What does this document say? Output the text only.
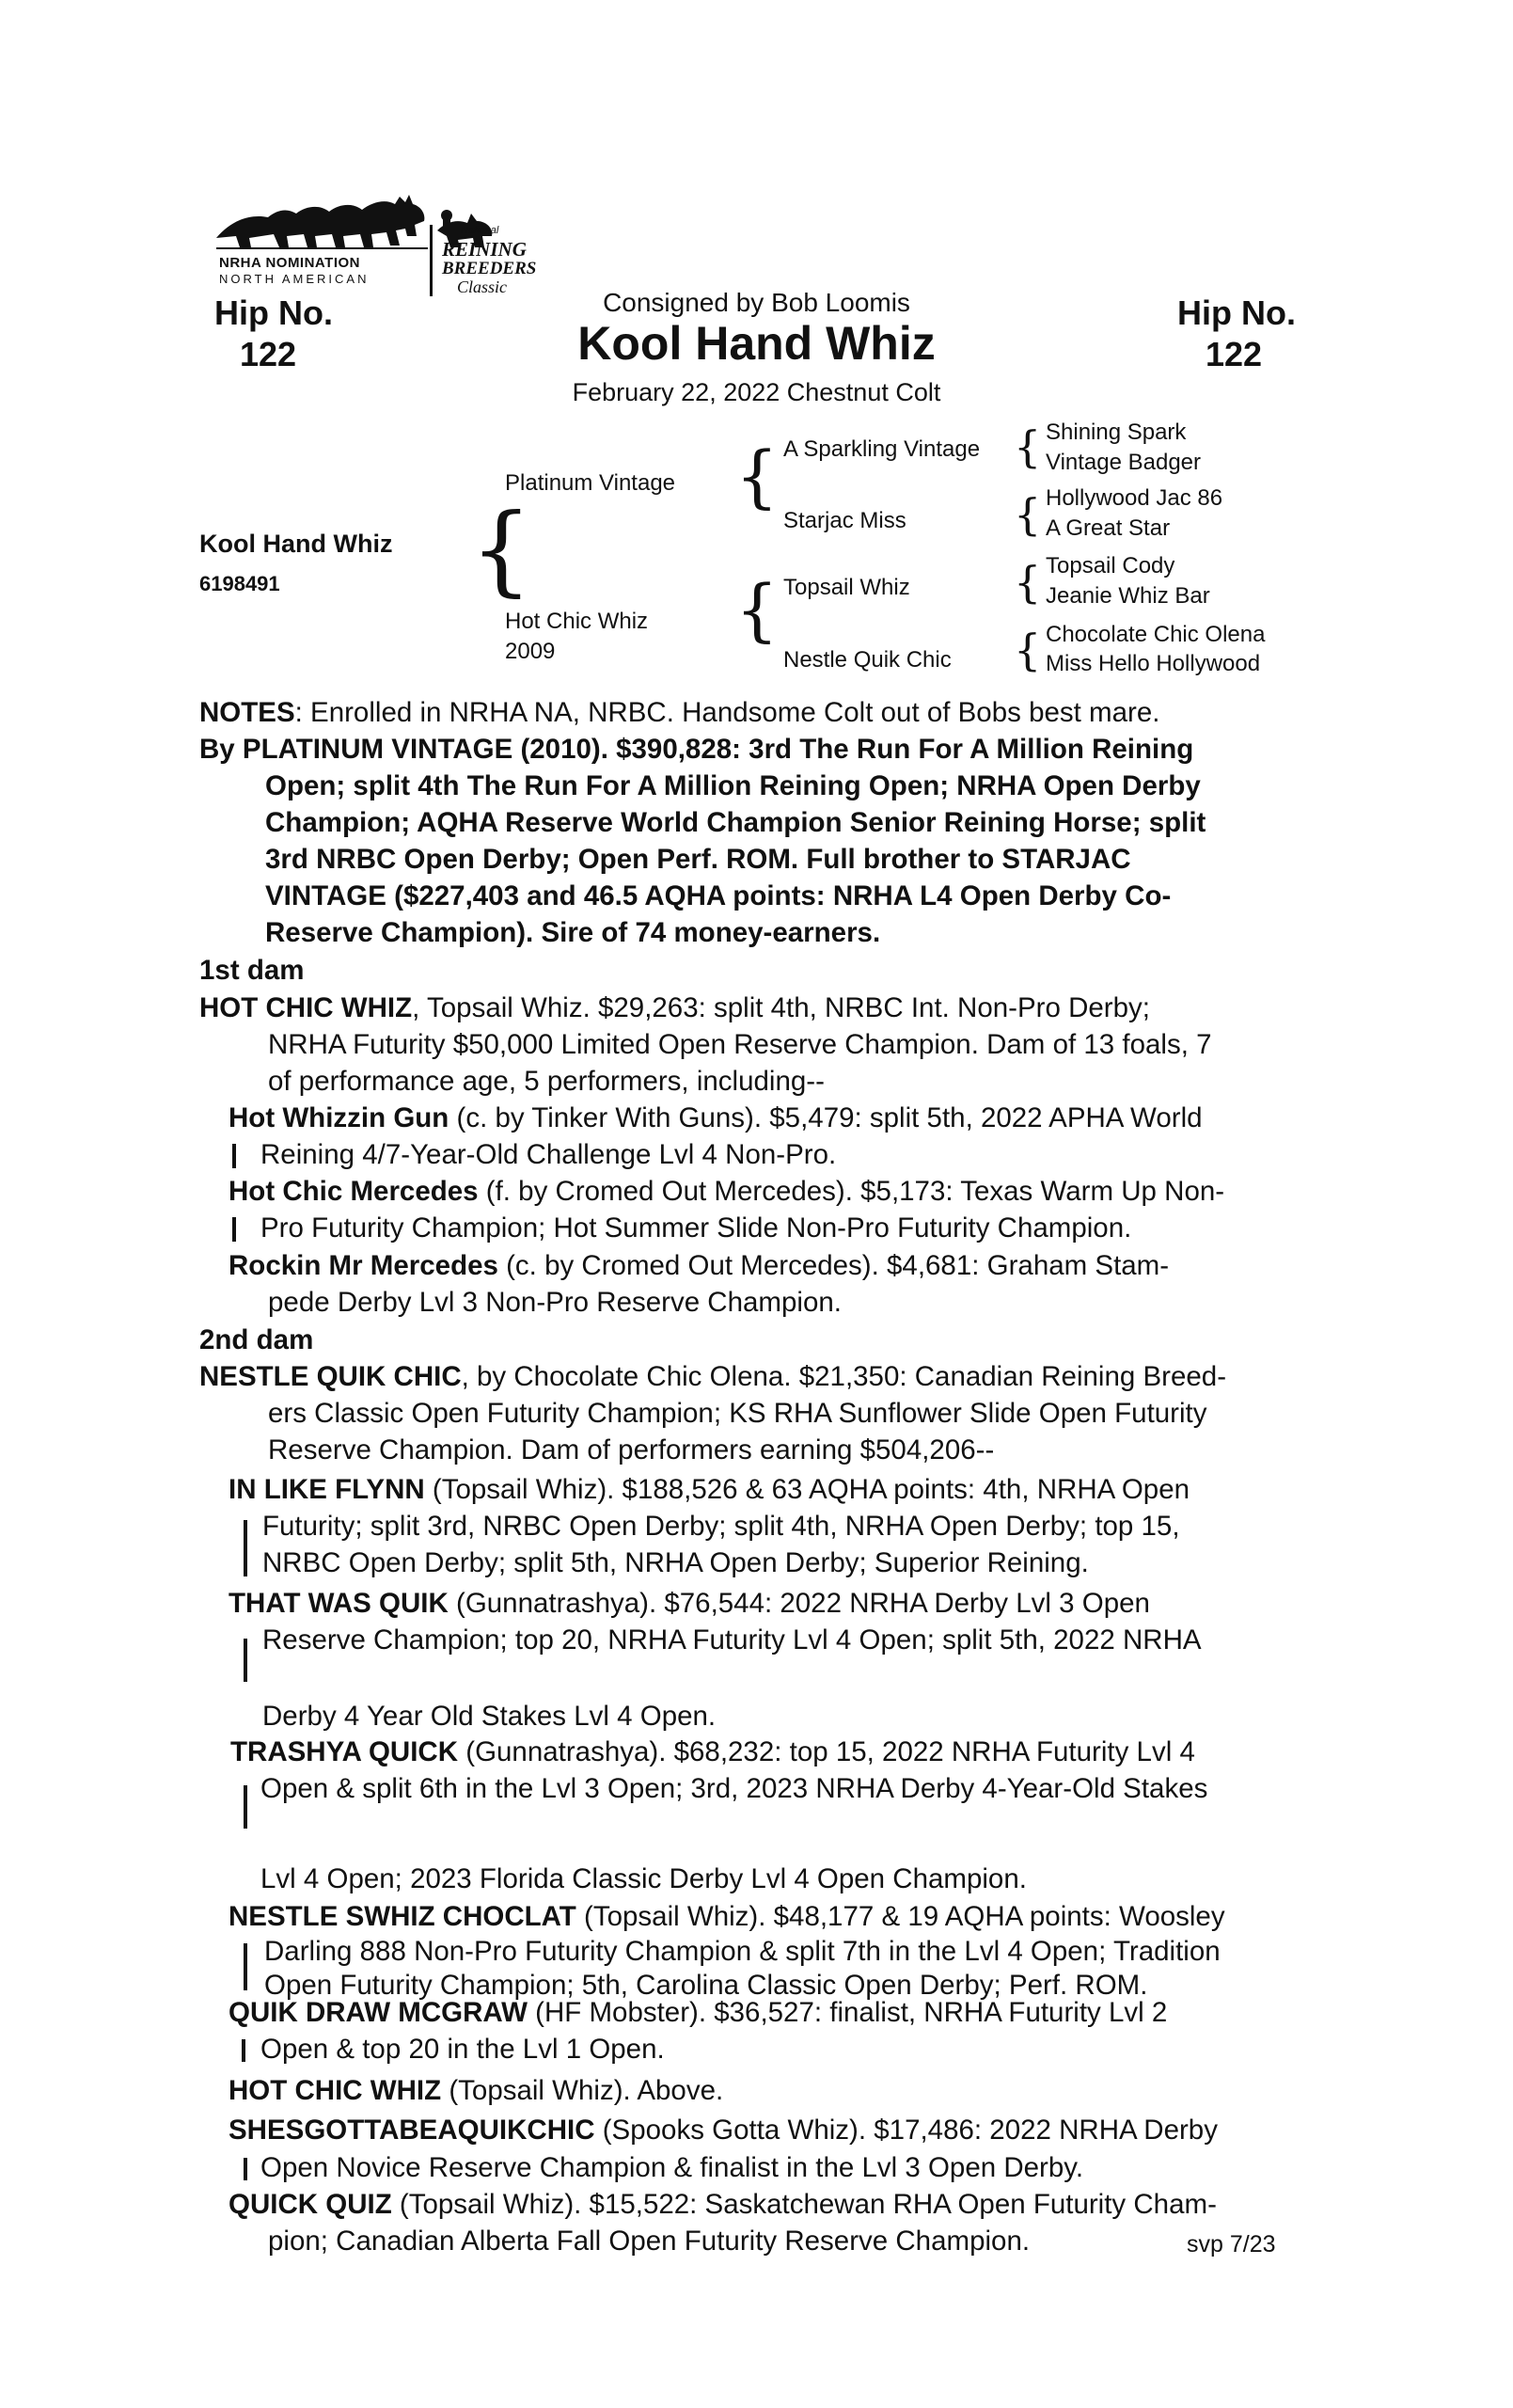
NRHA NOMINATION
NORTH AMERICAN
National
REINING
BREEDERS
Classic
Hip No.
122
Hip No.
122
Consigned by Bob Loomis
Kool Hand Whiz
February 22, 2022 Chestnut Colt
Kool Hand Whiz
6198491 {
Platinum Vintage
Hot Chic Whiz
2009
{
{
A Sparkling Vintage
Starjac Miss
Topsail Whiz
Nestle Quik Chic
{
{
{
{
Shining Spark
Vintage Badger
Hollywood Jac 86
A Great Star
Topsail Cody
Jeanie Whiz Bar
Chocolate Chic Olena
Miss Hello Hollywood
NOTES: Enrolled in NRHA NA, NRBC. Handsome Colt out of Bobs best mare.
By PLATINUM VINTAGE (2010). $390,828: 3rd The Run For A Million Reining
Open; split 4th The Run For A Million Reining Open; NRHA Open Derby
Champion; AQHA Reserve World Champion Senior Reining Horse; split
3rd NRBC Open Derby; Open Perf. ROM. Full brother to STARJAC
VINTAGE ($227,403 and 46.5 AQHA points: NRHA L4 Open Derby Co-
Reserve Champion). Sire of 74 money-earners.
1st dam
HOT CHIC WHIZ, Topsail Whiz. $29,263: split 4th, NRBC Int. Non-Pro Derby;
NRHA Futurity $50,000 Limited Open Reserve Champion. Dam of 13 foals, 7
of performance age, 5 performers, including--
Hot Whizzin Gun (c. by Tinker With Guns). $5,479: split 5th, 2022 APHA World
Reining 4/7-Year-Old Challenge Lvl 4 Non-Pro.
Hot Chic Mercedes (f. by Cromed Out Mercedes). $5,173: Texas Warm Up Non-
Pro Futurity Champion; Hot Summer Slide Non-Pro Futurity Champion.
Rockin Mr Mercedes (c. by Cromed Out Mercedes). $4,681: Graham Stam-
pede Derby Lvl 3 Non-Pro Reserve Champion.
2nd dam
NESTLE QUIK CHIC, by Chocolate Chic Olena. $21,350: Canadian Reining Breed-
ers Classic Open Futurity Champion; KS RHA Sunflower Slide Open Futurity
Reserve Champion. Dam of performers earning $504,206--
IN LIKE FLYNN (Topsail Whiz). $188,526 & 63 AQHA points: 4th, NRHA Open
Futurity; split 3rd, NRBC Open Derby; split 4th, NRHA Open Derby; top 15,
NRBC Open Derby; split 5th, NRHA Open Derby; Superior Reining.
THAT WAS QUIK (Gunnatrashya). $76,544: 2022 NRHA Derby Lvl 3 Open
Reserve Champion; top 20, NRHA Futurity Lvl 4 Open; split 5th, 2022 NRHA
Derby 4 Year Old Stakes Lvl 4 Open.
TRASHYA QUICK (Gunnatrashya). $68,232: top 15, 2022 NRHA Futurity Lvl 4
Open & split 6th in the Lvl 3 Open; 3rd, 2023 NRHA Derby 4-Year-Old Stakes
Lvl 4 Open; 2023 Florida Classic Derby Lvl 4 Open Champion.
NESTLE SWHIZ CHOCLAT (Topsail Whiz). $48,177 & 19 AQHA points: Woosley
Darling 888 Non-Pro Futurity Champion & split 7th in the Lvl 4 Open; Tradition
Open Futurity Champion; 5th, Carolina Classic Open Derby; Perf. ROM.
QUIK DRAW MCGRAW (HF Mobster). $36,527: finalist, NRHA Futurity Lvl 2
Open & top 20 in the Lvl 1 Open.
HOT CHIC WHIZ (Topsail Whiz). Above.
SHESGOTTABEAQUIKCHIC (Spooks Gotta Whiz). $17,486: 2022 NRHA Derby
Open Novice Reserve Champion & finalist in the Lvl 3 Open Derby.
QUICK QUIZ (Topsail Whiz). $15,522: Saskatchewan RHA Open Futurity Cham-
pion; Canadian Alberta Fall Open Futurity Reserve Champion.	svp 7/23
